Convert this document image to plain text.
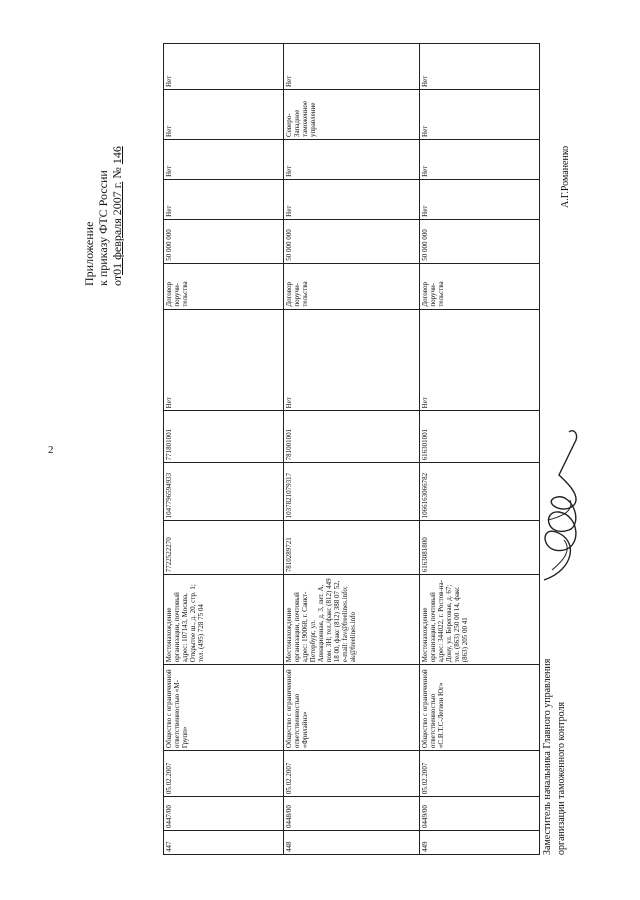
2
Приложение к приказу ФТС России от01 февраля 2007 г. № 146
447	0447/00	05.02.2007	Общество с ограниченной ответственностью «М-Групп»	Местонахождение организации, почтовый адрес: 107143, Москва, Открытое ш., д. 20, стр. 1; тел. (495) 728 75 04	7722522270	1047796594933	771801001	Нет	Договор поручи-тельства	50 000 000	Нет	Нет	Нет	Нет
448	0448/00	05.02.2007	Общество с ограниченной ответственностью «Фрилайнз»	Местонахождение организации, почтовый адрес: 190068, г. Санкт-Петербург, ул. Авиационная, д. 3, лит. А, пом. 3Н; тел./факс (812) 449 18 00, факс (812) 388 07 52, e-mail: fav@freelines.info; ak@freelines.info	7810289721	1037821079317	781001001	Нет	Договор поручи-тельства	50 000 000	Нет	Нет	Северо-Западное таможенное управление	Нет
449	0449/00	05.02.2007	Общество с ограниченной ответственностью «С.В.Т.С-Легион Юг»	Местонахождение организации, почтовый адрес: 344022, г. Ростов-на-Дону, ул. Береговая, д. 67; тел. (863) 250 00 14, факс (863) 205 00 41	6163081800	1066163066782	616301001	Нет	Договор поручи-тельства	50 000 000	Нет	Нет	Нет	Нет
Заместитель начальника Главного управления организации таможенного контроля
А.Г.Романенко
